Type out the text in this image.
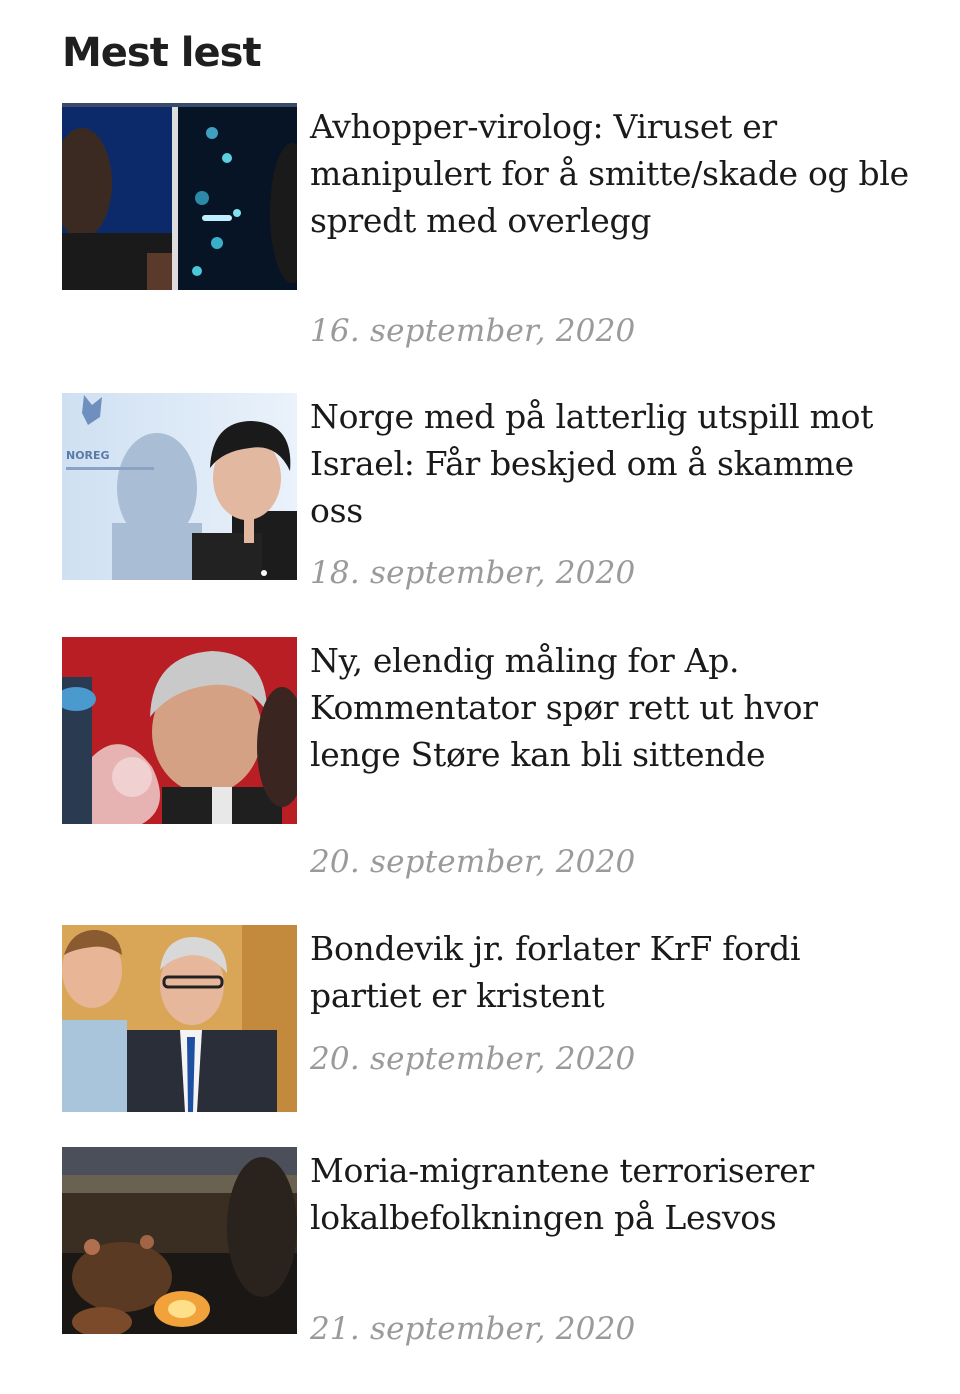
Mest lest

Avhopper-virolog: Viruset er manipulert for å smitte/skade og ble spredt med overlegg

16. september, 2020
NOREG

Norge med på latterlig utspill mot Israel: Får beskjed om å skamme oss

18. september, 2020

Ny, elendig måling for Ap. Kommentator spør rett ut hvor lenge Støre kan bli sittende

20. september, 2020

Bondevik jr. forlater KrF fordi partiet er kristent

20. september, 2020

Moria-migrantene terroriserer lokalbefolkningen på Lesvos

21. september, 2020
